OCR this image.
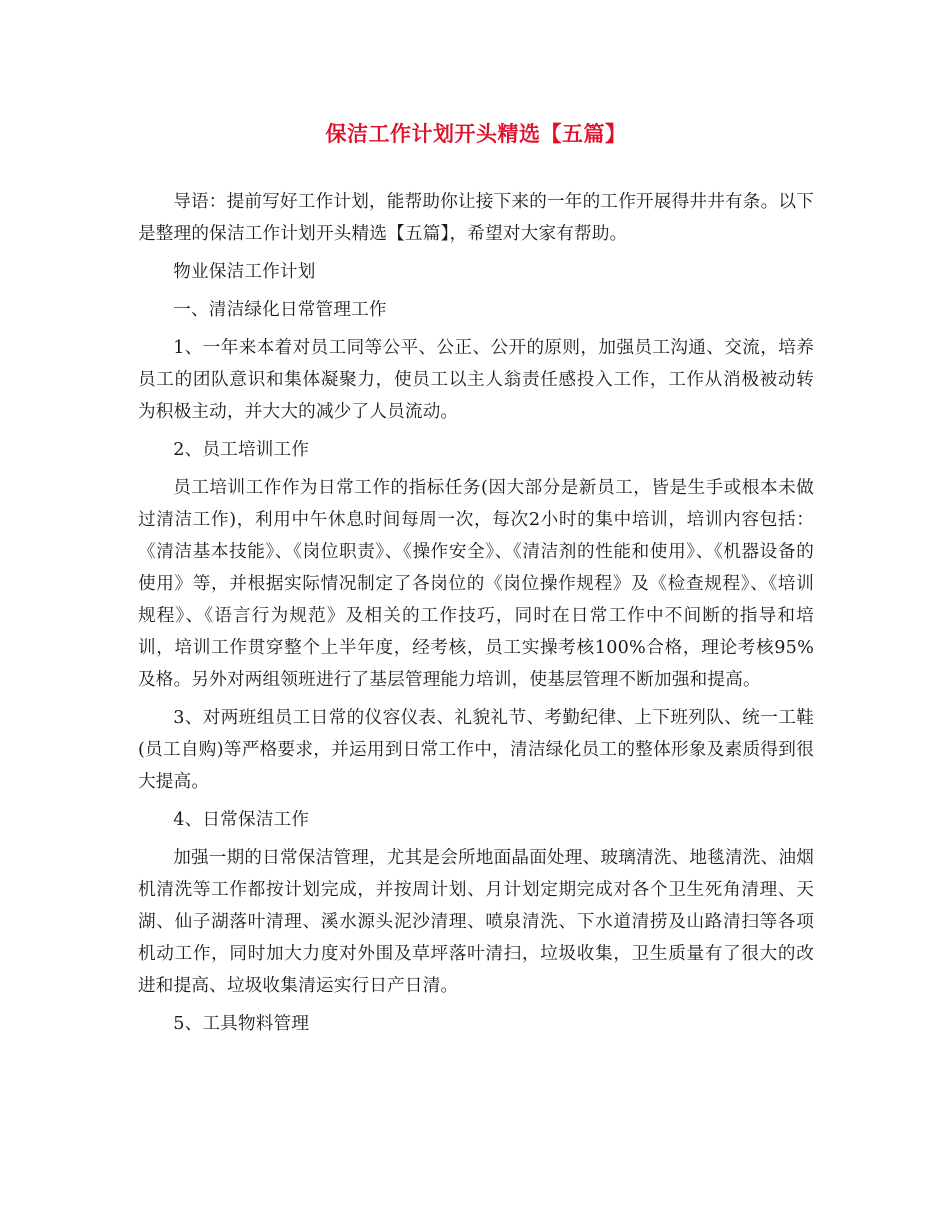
保洁工作计划开头精选【五篇】

导语：提前写好工作计划，能帮助你让接下来的一年的工作开展得井井有条。以下是整理的保洁工作计划开头精选【五篇】，希望对大家有帮助。

物业保洁工作计划

一、清洁绿化日常管理工作

1、一年来本着对员工同等公平、公正、公开的原则，加强员工沟通、交流，培养员工的团队意识和集体凝聚力，使员工以主人翁责任感投入工作，工作从消极被动转为积极主动，并大大的减少了人员流动。

2、员工培训工作

员工培训工作作为日常工作的指标任务(因大部分是新员工，皆是生手或根本未做过清洁工作)，利用中午休息时间每周一次，每次2小时的集中培训，培训内容包括：《清洁基本技能》、《岗位职责》、《操作安全》、《清洁剂的性能和使用》、《机器设备的使用》等，并根据实际情况制定了各岗位的《岗位操作规程》及《检查规程》、《培训规程》、《语言行为规范》及相关的工作技巧，同时在日常工作中不间断的指导和培训，培训工作贯穿整个上半年度，经考核，员工实操考核100%合格，理论考核95%及格。另外对两组领班进行了基层管理能力培训，使基层管理不断加强和提高。

3、对两班组员工日常的仪容仪表、礼貌礼节、考勤纪律、上下班列队、统一工鞋(员工自购)等严格要求，并运用到日常工作中，清洁绿化员工的整体形象及素质得到很大提高。

4、日常保洁工作

加强一期的日常保洁管理，尤其是会所地面晶面处理、玻璃清洗、地毯清洗、油烟机清洗等工作都按计划完成，并按周计划、月计划定期完成对各个卫生死角清理、天湖、仙子湖落叶清理、溪水源头泥沙清理、喷泉清洗、下水道清捞及山路清扫等各项机动工作，同时加大力度对外围及草坪落叶清扫，垃圾收集，卫生质量有了很大的改进和提高、垃圾收集清运实行日产日清。

5、工具物料管理
